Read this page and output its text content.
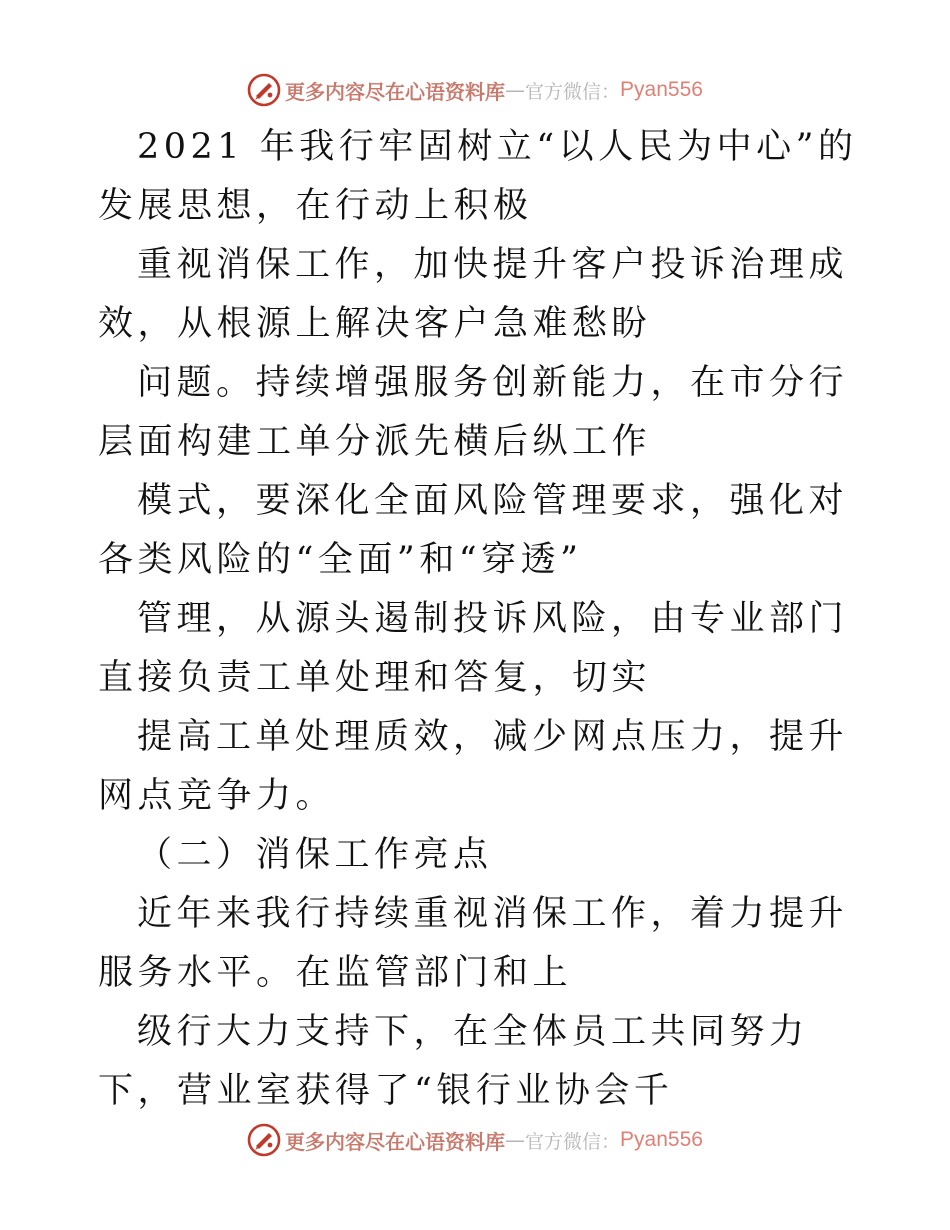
更多内容尽在心语资料库 — 官方微信： Pyan556

2021 年我行牢固树立“以人民为中心”的发展思想，在行动上积极

重视消保工作，加快提升客户投诉治理成效，从根源上解决客户急难愁盼

问题。持续增强服务创新能力，在市分行层面构建工单分派先横后纵工作

模式，要深化全面风险管理要求，强化对各类风险的“全面”和“穿透”

管理，从源头遏制投诉风险，由专业部门直接负责工单处理和答复，切实

提高工单处理质效，减少网点压力，提升网点竞争力。

（二）消保工作亮点

近年来我行持续重视消保工作，着力提升服务水平。在监管部门和上

级行大力支持下，在全体员工共同努力下，营业室获得了“银行业协会千

更多内容尽在心语资料库 — 官方微信： Pyan556
